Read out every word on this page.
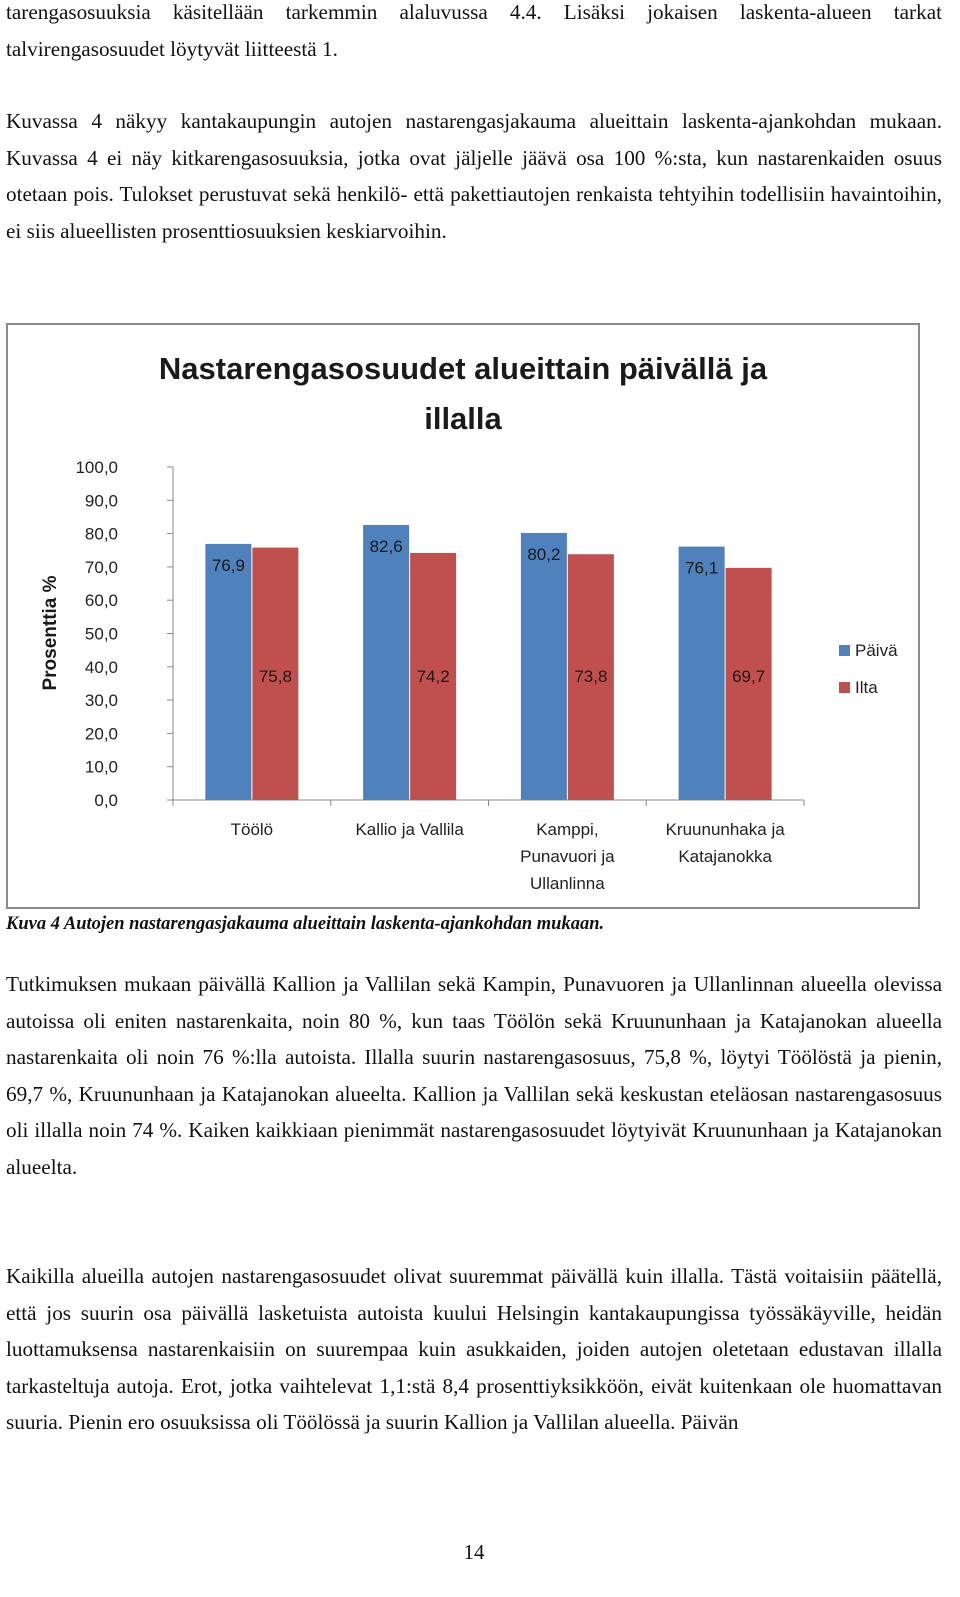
tarengasosuuksia käsitellään tarkemmin alaluvussa 4.4. Lisäksi jokaisen laskenta-alueen tarkat talvirengasosuudet löytyvät liitteestä 1.

Kuvassa 4 näkyy kantakaupungin autojen nastarengasjakauma alueittain laskenta-ajankohdan mukaan. Kuvassa 4 ei näy kitkarengasosuuksia, jotka ovat jäljelle jäävä osa 100 %:sta, kun nastarenkaiden osuus otetaan pois. Tulokset perustuvat sekä henkilö- että pakettiautojen renkaista tehtyihin todellisiin havaintoihin, ei siis alueellisten prosenttiosuuksien keskiarvoihin.

Nastarengasosuudet alueittain päivällä ja
illalla
Prosenttia %
0,0
10,0
20,0
30,0
40,0
50,0
60,0
70,0
80,0
90,0
100,0
76,9
75,8
Töölö
82,6
74,2
Kallio ja Vallila
80,2
73,8
Kamppi,
Punavuori ja
Ullanlinna
76,1
69,7
Kruununhaka ja
Katajanokka
Päivä
Ilta
Kuva 4 Autojen nastarengasjakauma alueittain laskenta-ajankohdan mukaan.

Tutkimuksen mukaan päivällä Kallion ja Vallilan sekä Kampin, Punavuoren ja Ullanlinnan alueella olevissa autoissa oli eniten nastarenkaita, noin 80 %, kun taas Töölön sekä Kruununhaan ja Katajanokan alueella nastarenkaita oli noin 76 %:lla autoista. Illalla suurin nastarengasosuus, 75,8 %, löytyi Töölöstä ja pienin, 69,7 %, Kruununhaan ja Katajanokan alueelta. Kallion ja Vallilan sekä keskustan eteläosan nastarengasosuus oli illalla noin 74 %. Kaiken kaikkiaan pienimmät nastarengasosuudet löytyivät Kruununhaan ja Katajanokan alueelta.

Kaikilla alueilla autojen nastarengasosuudet olivat suuremmat päivällä kuin illalla. Tästä voitaisiin päätellä, että jos suurin osa päivällä lasketuista autoista kuului Helsingin kantakaupungissa työssäkäyville, heidän luottamuksensa nastarenkaisiin on suurempaa kuin asukkaiden, joiden autojen oletetaan edustavan illalla tarkasteltuja autoja. Erot, jotka vaihtelevat 1,1:stä 8,4 prosenttiyksikköön, eivät kuitenkaan ole huomattavan suuria. Pienin ero osuuksissa oli Töölössä ja suurin Kallion ja Vallilan alueella. Päivän

14
